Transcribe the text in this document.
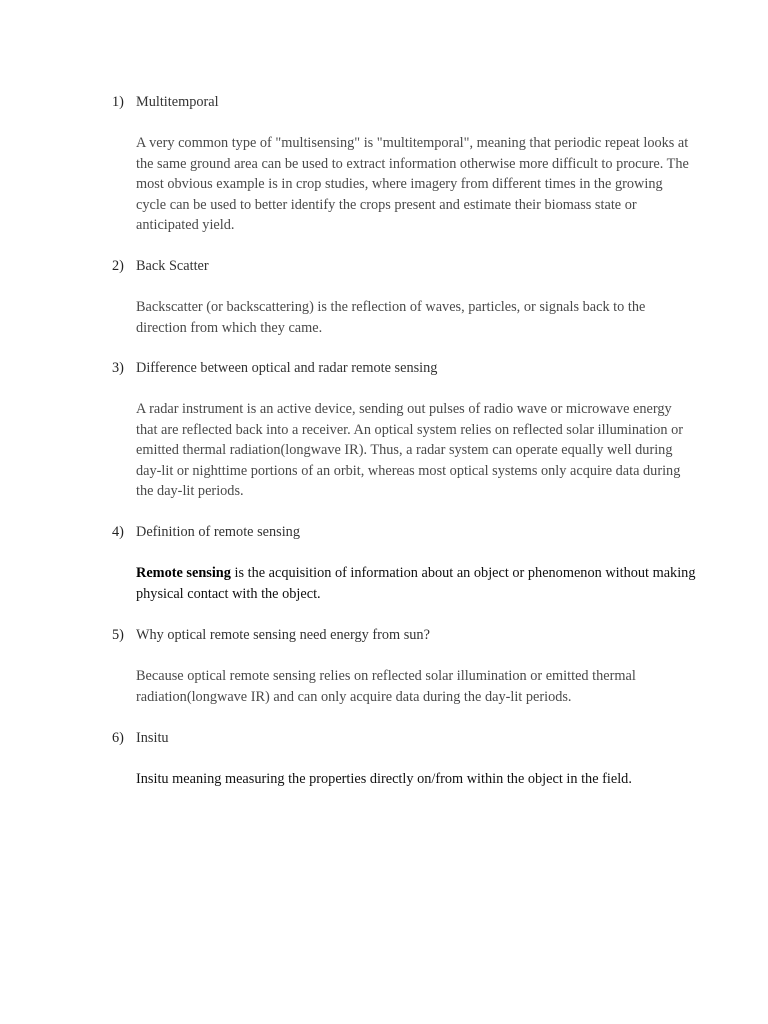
1) Multitemporal
A very common type of "multisensing" is "multitemporal", meaning that periodic repeat looks at the same ground area can be used to extract information otherwise more difficult to procure. The most obvious example is in crop studies, where imagery from different times in the growing cycle can be used to better identify the crops present and estimate their biomass state or anticipated yield.
2) Back Scatter
Backscatter (or backscattering) is the reflection of waves, particles, or signals back to the direction from which they came.
3) Difference between optical and radar remote sensing
A radar instrument is an active device, sending out pulses of radio wave or microwave energy that are reflected back into a receiver. An optical system relies on reflected solar illumination or emitted thermal radiation(longwave IR). Thus, a radar system can operate equally well during day-lit or nighttime portions of an orbit, whereas most optical systems only acquire data during the day-lit periods.
4) Definition of remote sensing
Remote sensing is the acquisition of information about an object or phenomenon without making physical contact with the object.
5) Why optical remote sensing need energy from sun?
Because optical remote sensing relies on reflected solar illumination or emitted thermal radiation(longwave IR) and can only acquire data during the day-lit periods.
6) Insitu
Insitu meaning measuring the properties directly on/from within the object in the field.
